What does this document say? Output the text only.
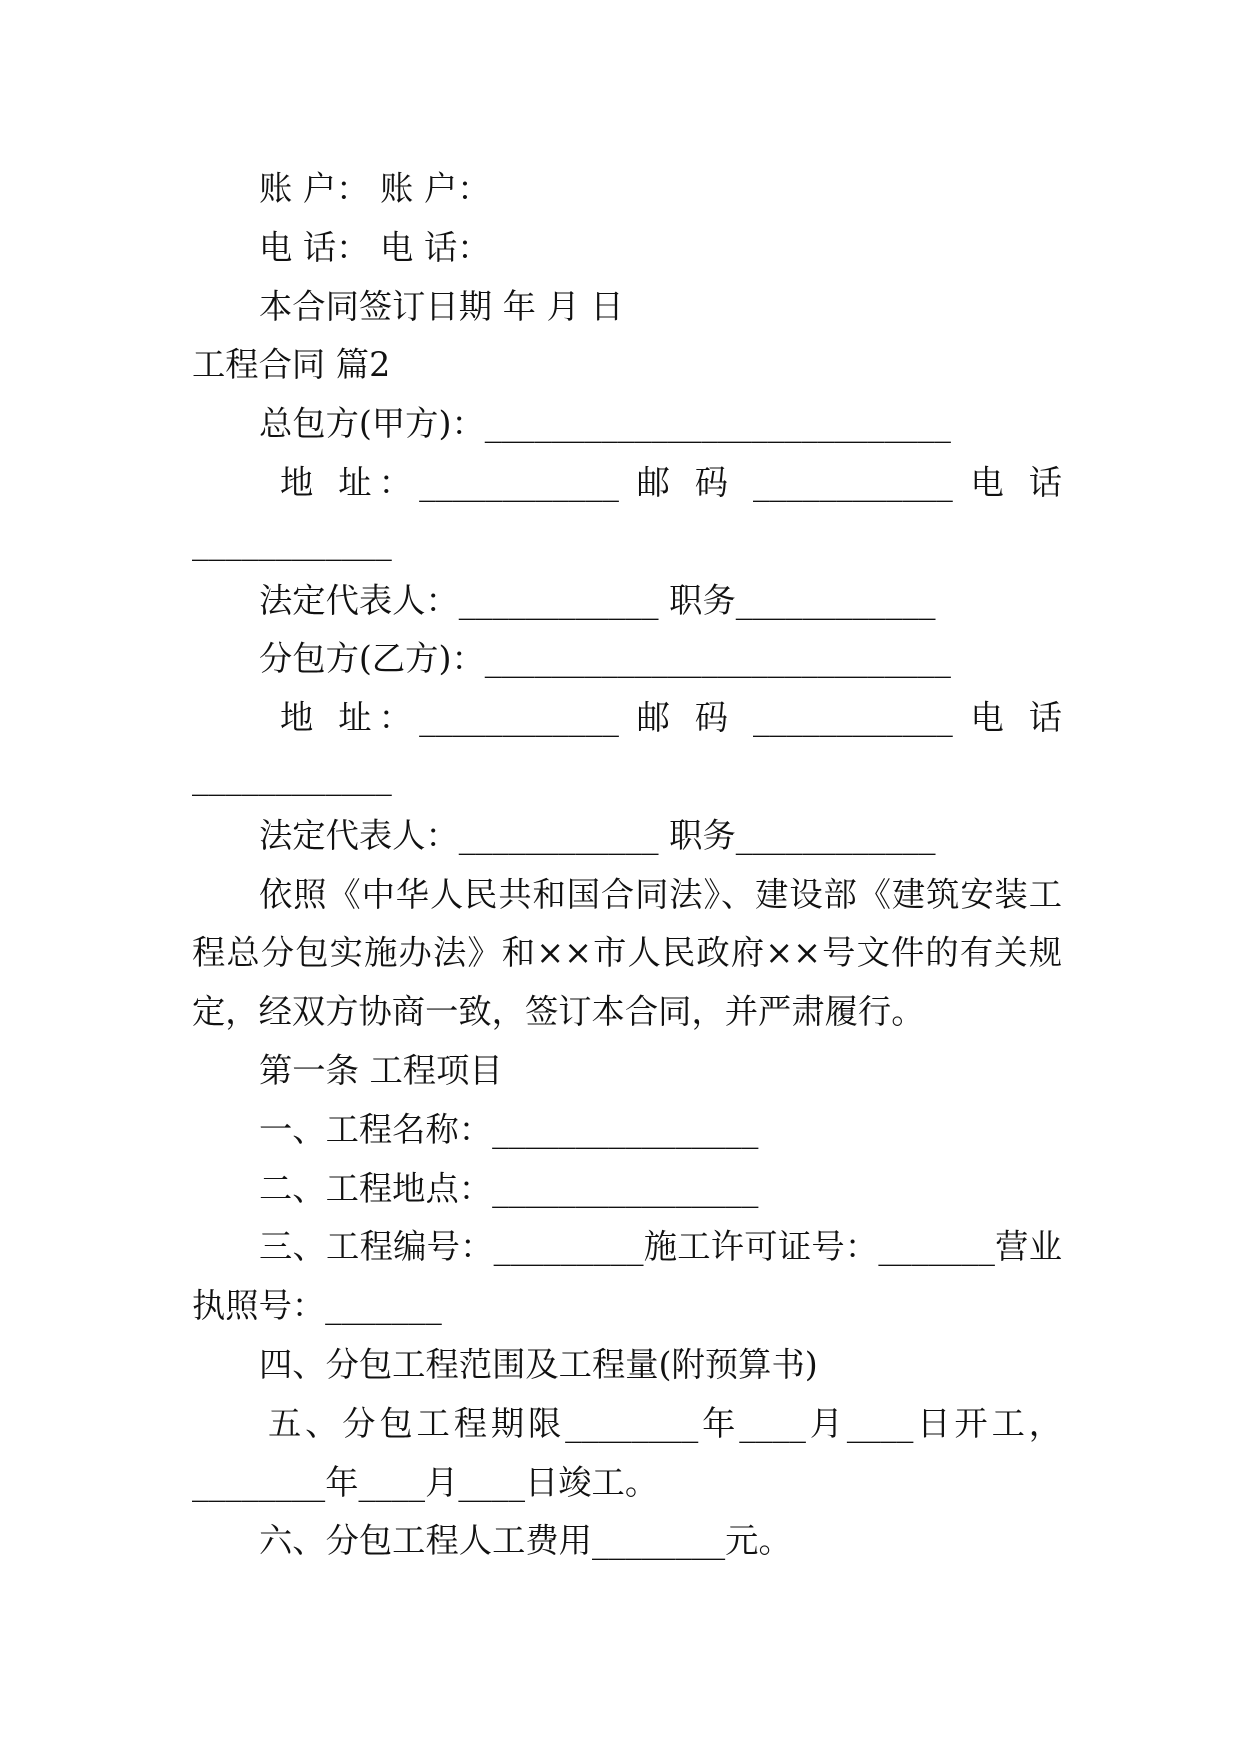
账 户： 账 户：
电 话： 电 话：
本合同签订日期 年 月 日
工程合同 篇2
总包方(甲方)：____________________________
地 址：____________ 邮 码 ____________ 电 话
____________
法定代表人：____________ 职务____________
分包方(乙方)：____________________________
地 址：____________ 邮 码 ____________ 电 话
____________
法定代表人：____________ 职务____________
依照《中华人民共和国合同法》、建设部《建筑安装工
程总分包实施办法》和××市人民政府××号文件的有关规
定，经双方协商一致，签订本合同，并严肃履行。
第一条 工程项目
一、工程名称：________________
二、工程地点：________________
三、工程编号：_________施工许可证号：_______营业
执照号：_______
四、分包工程范围及工程量(附预算书)
五、分包工程期限________年____月____日开工，
________年____月____日竣工。
六、分包工程人工费用________元。
